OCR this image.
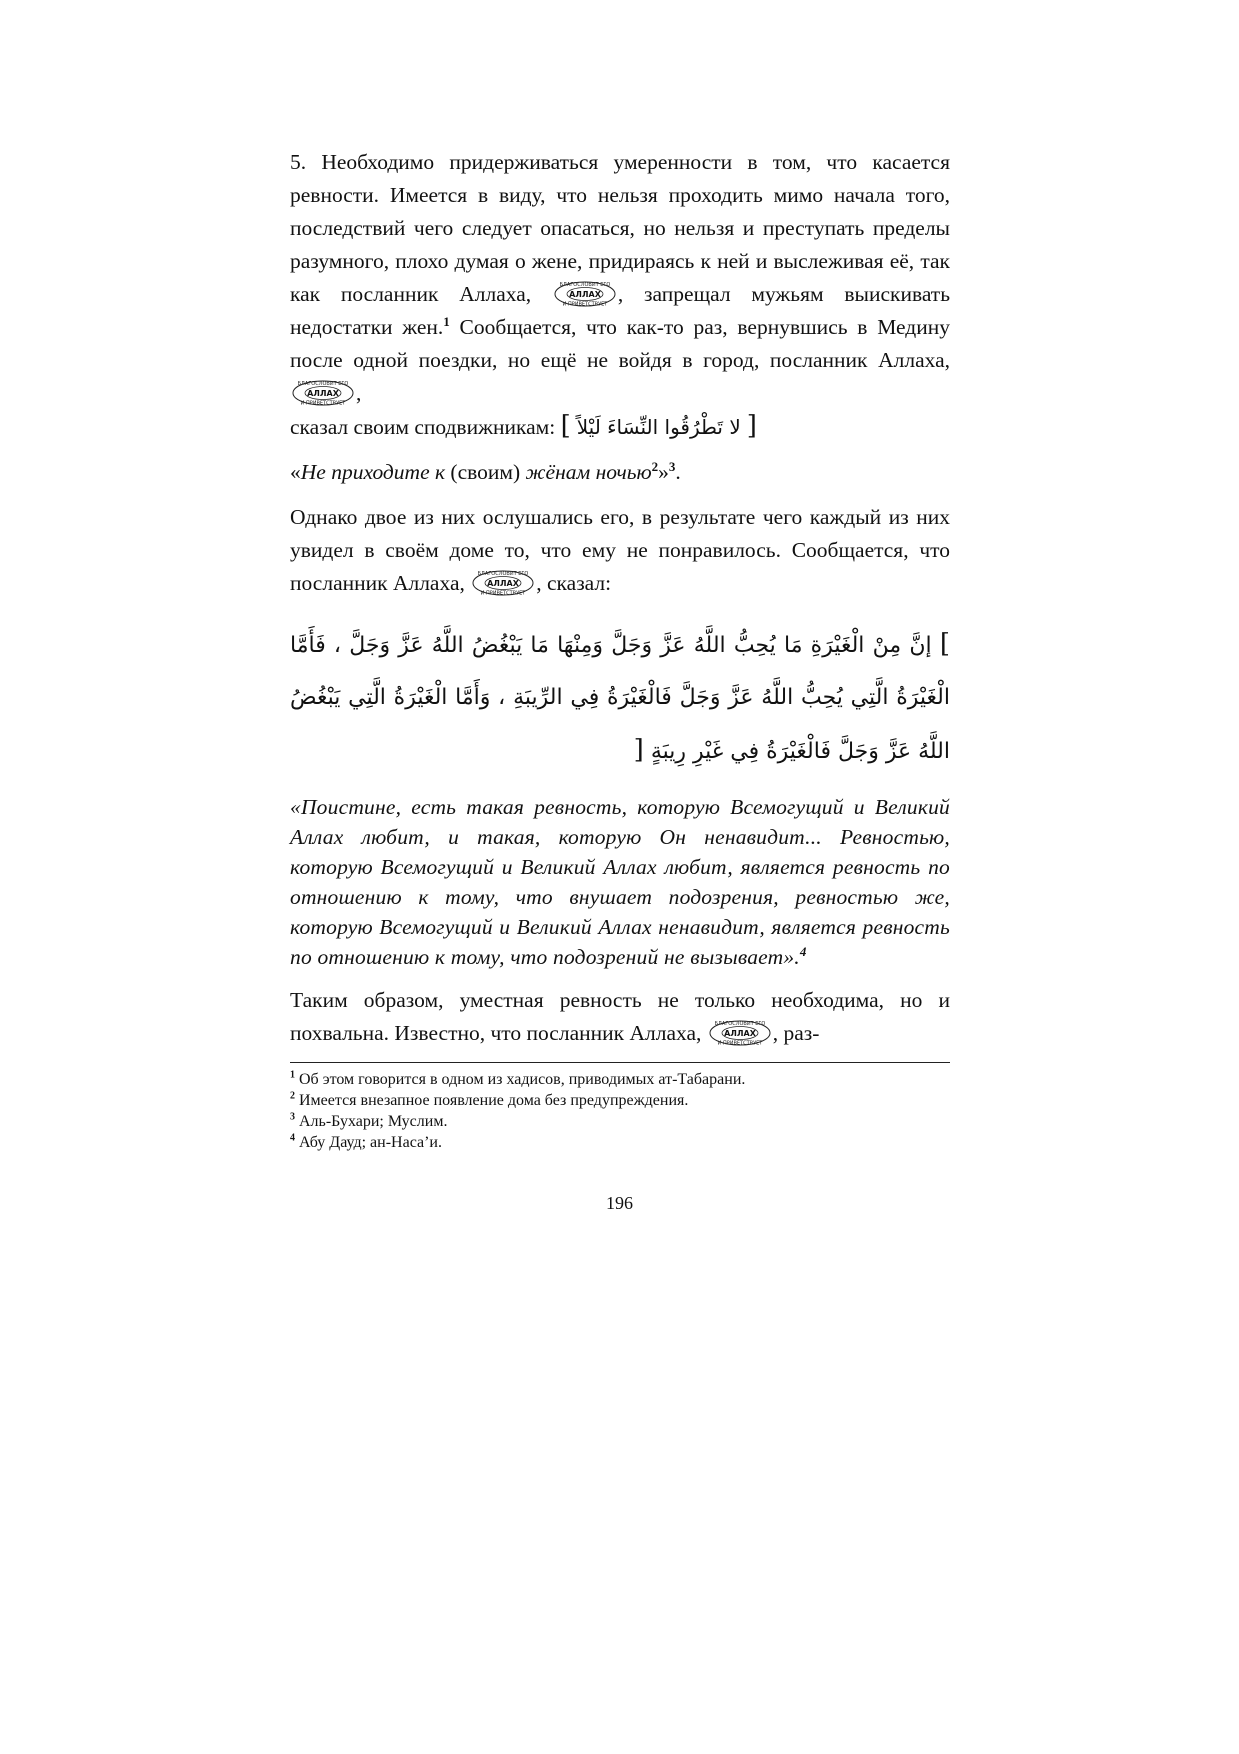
5. Необходимо придерживаться умеренности в том, что касается ревности. Имеется в виду, что нельзя проходить мимо начала того, последствий чего следует опасаться, но нельзя и преступать пределы разумного, плохо думая о жене, придираясь к ней и выслеживая её, так как посланник Аллаха,	БЛАГОСЛОВИТ ЕГО
АЛЛАХ
И ПРИВЕТСТВУЕТ , запрещал мужьям выискивать недостатки жен.$^1$ Сообщается, что как-то раз, вернувшись в Медину после одной поездки, но ещё не войдя в город, посланник Аллаха,
БЛАГОСЛОВИТ ЕГО
АЛЛАХ
И ПРИВЕТСТВУЕТ ,
сказал своим сподвижникам: [ لا تَطْرُقُوا النِّسَاءَ لَيْلاً ]

«Не приходите к (своим) жёнам ночью$^2$»$^3$.

Однако двое из них ослушались его, в результате чего каждый из них увидел в своём доме то, что ему не понравилось. Сообщается, что посланник Аллаха,	БЛАГОСЛОВИТ ЕГО
АЛЛАХ
И ПРИВЕТСТВУЕТ , сказал:

] إنَّ مِنْ الْغَيْرَةِ مَا يُحِبُّ اللَّهُ عَزَّ وَجَلَّ وَمِنْهَا مَا يَبْغُضُ اللَّهُ عَزَّ وَجَلَّ ، فَأَمَّا الْغَيْرَةُ الَّتِي يُحِبُّ اللَّهُ عَزَّ وَجَلَّ فَالْغَيْرَةُ فِي الرِّيبَةِ ، وَأَمَّا الْغَيْرَةُ الَّتِي يَبْغُضُ اللَّهُ عَزَّ وَجَلَّ فَالْغَيْرَةُ فِي غَيْرِ رِيبَةٍ [

«Поистине, есть такая ревность, которую Всемогущий и Великий Аллах любит, и такая, которую Он ненавидит... Ревностью, которую Всемогущий и Великий Аллах любит, является ревность по отношению к тому, что внушает подозрения, ревностью же, которую Всемогущий и Великий Аллах ненавидит, является ревность по отношению к тому, что подозрений не вызывает».$^4$

Таким образом, уместная ревность не только необходима, но и похвальна. Известно, что посланник Аллаха,	БЛАГОСЛОВИТ ЕГО
АЛЛАХ
И ПРИВЕТСТВУЕТ , раз-

$^1$ Об этом говорится в одном из хадисов, приводимых ат-Табарани.
$^2$ Имеется внезапное появление дома без предупреждения.
$^3$ Аль-Бухари; Муслим.
$^4$ Абу Дауд; ан-Наса’и.
196
